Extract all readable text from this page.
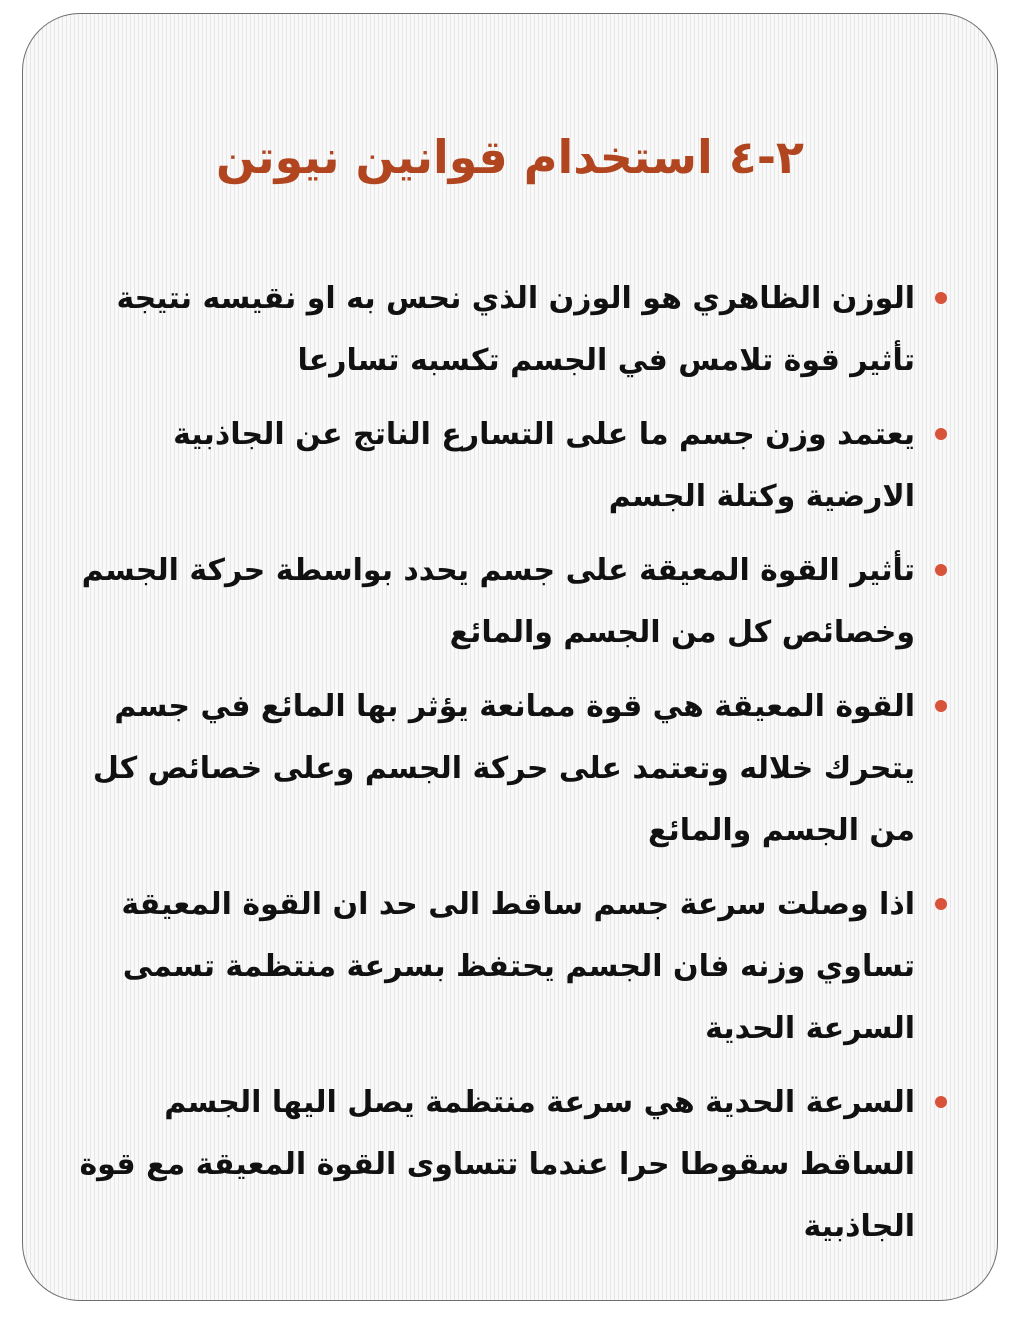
٢-٤ استخدام قوانين نيوتن
الوزن الظاهري هو الوزن الذي نحس به او نقيسه نتيجة تأثير قوة تلامس في الجسم تكسبه تسارعا
يعتمد وزن جسم ما على التسارع الناتج عن الجاذبية الارضية وكتلة الجسم
تأثير القوة المعيقة على جسم يحدد بواسطة حركة الجسم وخصائص كل من الجسم والمائع
القوة المعيقة هي قوة ممانعة يؤثر بها المائع في جسم يتحرك خلاله وتعتمد على حركة الجسم وعلى خصائص كل من الجسم والمائع
اذا وصلت سرعة جسم ساقط الى حد ان القوة المعيقة تساوي وزنه فان الجسم يحتفظ بسرعة منتظمة تسمى السرعة الحدية
السرعة الحدية هي سرعة منتظمة يصل اليها الجسم الساقط سقوطا حرا عندما تتساوى القوة المعيقة مع قوة الجاذبية
